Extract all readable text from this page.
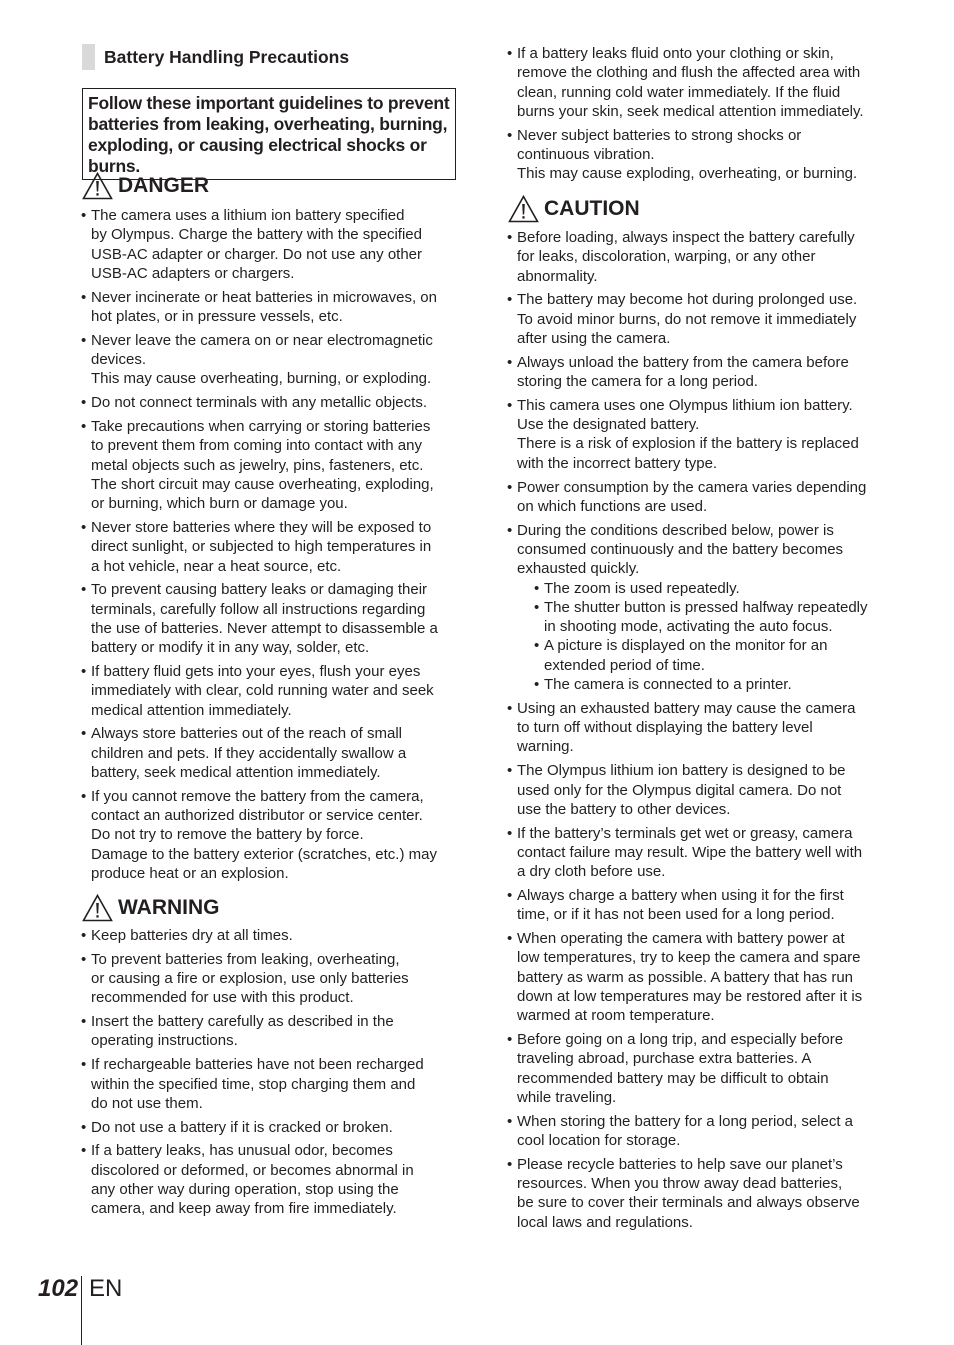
Battery Handling Precautions
Follow these important guidelines to prevent
batteries from leaking, overheating, burning,
exploding, or causing electrical shocks or burns.
DANGER
• The camera uses a lithium ion battery specified
by Olympus. Charge the battery with the specified
USB-AC adapter or charger. Do not use any other
USB-AC adapters or chargers.
• Never incinerate or heat batteries in microwaves, on
hot plates, or in pressure vessels, etc.
• Never leave the camera on or near electromagnetic
devices.
This may cause overheating, burning, or exploding.
• Do not connect terminals with any metallic objects.
• Take precautions when carrying or storing batteries
to prevent them from coming into contact with any
metal objects such as jewelry, pins, fasteners, etc.
The short circuit may cause overheating, exploding,
or burning, which burn or damage you.
• Never store batteries where they will be exposed to
direct sunlight, or subjected to high temperatures in
a hot vehicle, near a heat source, etc.
• To prevent causing battery leaks or damaging their
terminals, carefully follow all instructions regarding
the use of batteries. Never attempt to disassemble a
battery or modify it in any way, solder, etc.
• If battery fluid gets into your eyes, flush your eyes
immediately with clear, cold running water and seek
medical attention immediately.
• Always store batteries out of the reach of small
children and pets. If they accidentally swallow a
battery, seek medical attention immediately.
• If you cannot remove the battery from the camera,
contact an authorized distributor or service center.
Do not try to remove the battery by force.
Damage to the battery exterior (scratches, etc.) may
produce heat or an explosion.
WARNING
• Keep batteries dry at all times.
• To prevent batteries from leaking, overheating,
or causing a fire or explosion, use only batteries
recommended for use with this product.
• Insert the battery carefully as described in the
operating instructions.
• If rechargeable batteries have not been recharged
within the specified time, stop charging them and
do not use them.
• Do not use a battery if it is cracked or broken.
• If a battery leaks, has unusual odor, becomes
discolored or deformed, or becomes abnormal in
any other way during operation, stop using the
camera, and keep away from fire immediately.
• If a battery leaks fluid onto your clothing or skin,
remove the clothing and flush the affected area with
clean, running cold water immediately. If the fluid
burns your skin, seek medical attention immediately.
• Never subject batteries to strong shocks or
continuous vibration.
This may cause exploding, overheating, or burning.
CAUTION
• Before loading, always inspect the battery carefully
for leaks, discoloration, warping, or any other
abnormality.
• The battery may become hot during prolonged use.
To avoid minor burns, do not remove it immediately
after using the camera.
• Always unload the battery from the camera before
storing the camera for a long period.
• This camera uses one Olympus lithium ion battery.
Use the designated battery.
There is a risk of explosion if the battery is replaced
with the incorrect battery type.
• Power consumption by the camera varies depending
on which functions are used.
• During the conditions described below, power is
consumed continuously and the battery becomes
exhausted quickly.
• The zoom is used repeatedly.
• The shutter button is pressed halfway repeatedly
in shooting mode, activating the auto focus.
• A picture is displayed on the monitor for an
extended period of time.
• The camera is connected to a printer.
• Using an exhausted battery may cause the camera
to turn off without displaying the battery level
warning.
• The Olympus lithium ion battery is designed to be
used only for the Olympus digital camera. Do not
use the battery to other devices.
• If the battery’s terminals get wet or greasy, camera
contact failure may result. Wipe the battery well with
a dry cloth before use.
• Always charge a battery when using it for the first
time, or if it has not been used for a long period.
• When operating the camera with battery power at
low temperatures, try to keep the camera and spare
battery as warm as possible. A battery that has run
down at low temperatures may be restored after it is
warmed at room temperature.
• Before going on a long trip, and especially before
traveling abroad, purchase extra batteries. A
recommended battery may be difficult to obtain
while traveling.
• When storing the battery for a long period, select a
cool location for storage.
• Please recycle batteries to help save our planet’s
resources. When you throw away dead batteries,
be sure to cover their terminals and always observe
local laws and regulations.
102 EN
